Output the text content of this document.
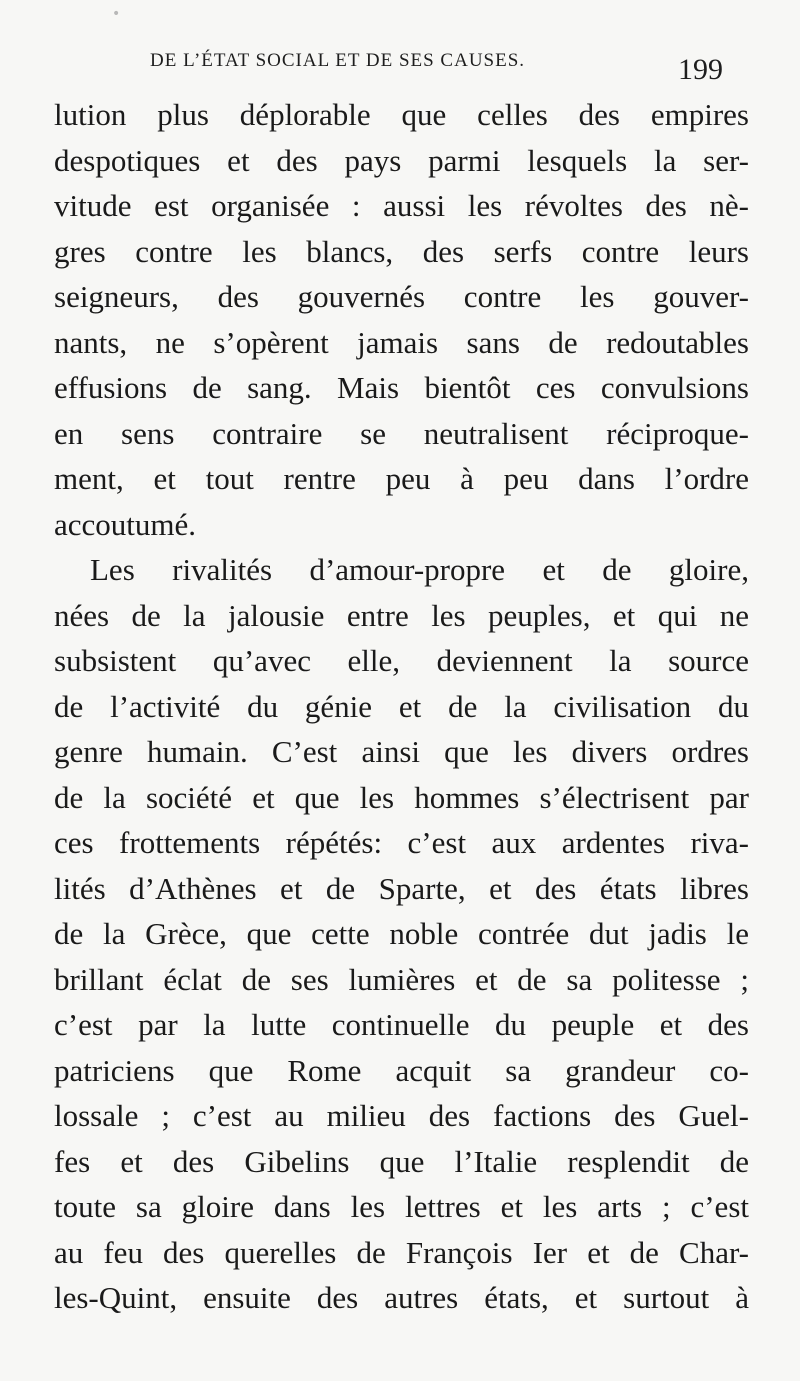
•
DE L’ÉTAT SOCIAL ET DE SES CAUSES.	199
lution plus déplorable que celles des empires
despotiques et des pays parmi lesquels la ser-
vitude est organisée : aussi les révoltes des nè-
gres contre les blancs, des serfs contre leurs
seigneurs, des gouvernés contre les gouver-
nants, ne s’opèrent jamais sans de redoutables
effusions de sang. Mais bientôt ces convulsions
en sens contraire se neutralisent réciproque-
ment, et tout rentre peu à peu dans l’ordre
accoutumé.
Les rivalités d’amour-propre et de gloire,
nées de la jalousie entre les peuples, et qui ne
subsistent qu’avec elle, deviennent la source
de l’activité du génie et de la civilisation du
genre humain. C’est ainsi que les divers ordres
de la société et que les hommes s’électrisent par
ces frottements répétés: c’est aux ardentes riva-
lités d’Athènes et de Sparte, et des états libres
de la Grèce, que cette noble contrée dut jadis le
brillant éclat de ses lumières et de sa politesse ;
c’est par la lutte continuelle du peuple et des
patriciens que Rome acquit sa grandeur co-
lossale ; c’est au milieu des factions des Guel-
fes et des Gibelins que l’Italie resplendit de
toute sa gloire dans les lettres et les arts ; c’est
au feu des querelles de François Ier et de Char-
les-Quint, ensuite des autres états, et surtout à
